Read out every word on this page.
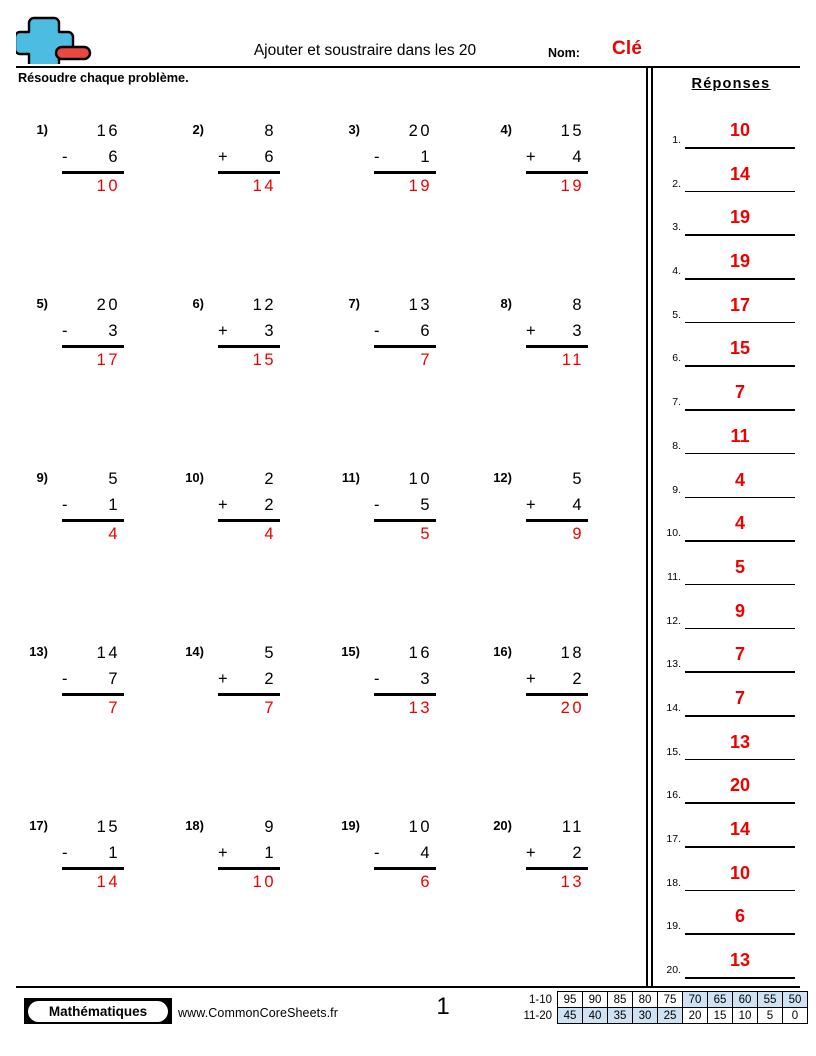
Ajouter et soustraire dans les 20	Nom: Clé
Résoudre chaque problème.
1)	16
- 6
10
2)	8
+ 6
14
3)	20
- 1
19
4)	15
+ 4
19
5)	20
- 3
17
6)	12
+ 3
15
7)	13
- 6
7
8)	8
+ 3
11
9)	5
- 1
4
10)	2
+ 2
4
11)	10
- 5
5
12)	5
+ 4
9
13)	14
- 7
7
14)	5
+ 2
7
15)	16
- 3
13
16)	18
+ 2
20
17)	15
- 1
14
18)	9
+ 1
10
19)	10
- 4
6
20)	11
+ 2
13
Réponses
1.	10
2.	14
3.	19
4.	19
5.	17
6.	15
7.	7
8.	11
9.	4
10.	4
11.	5
12.	9
13.	7
14.	7
15.	13
16.	20
17.	14
18.	10
19.	6
20.	13
Mathématiques	www.CommonCoreSheets.fr	1	1-10	95	90	85	80	75	70	65	60	55	50
11-20	45	40	35	30	25	20	15	10	5	0
